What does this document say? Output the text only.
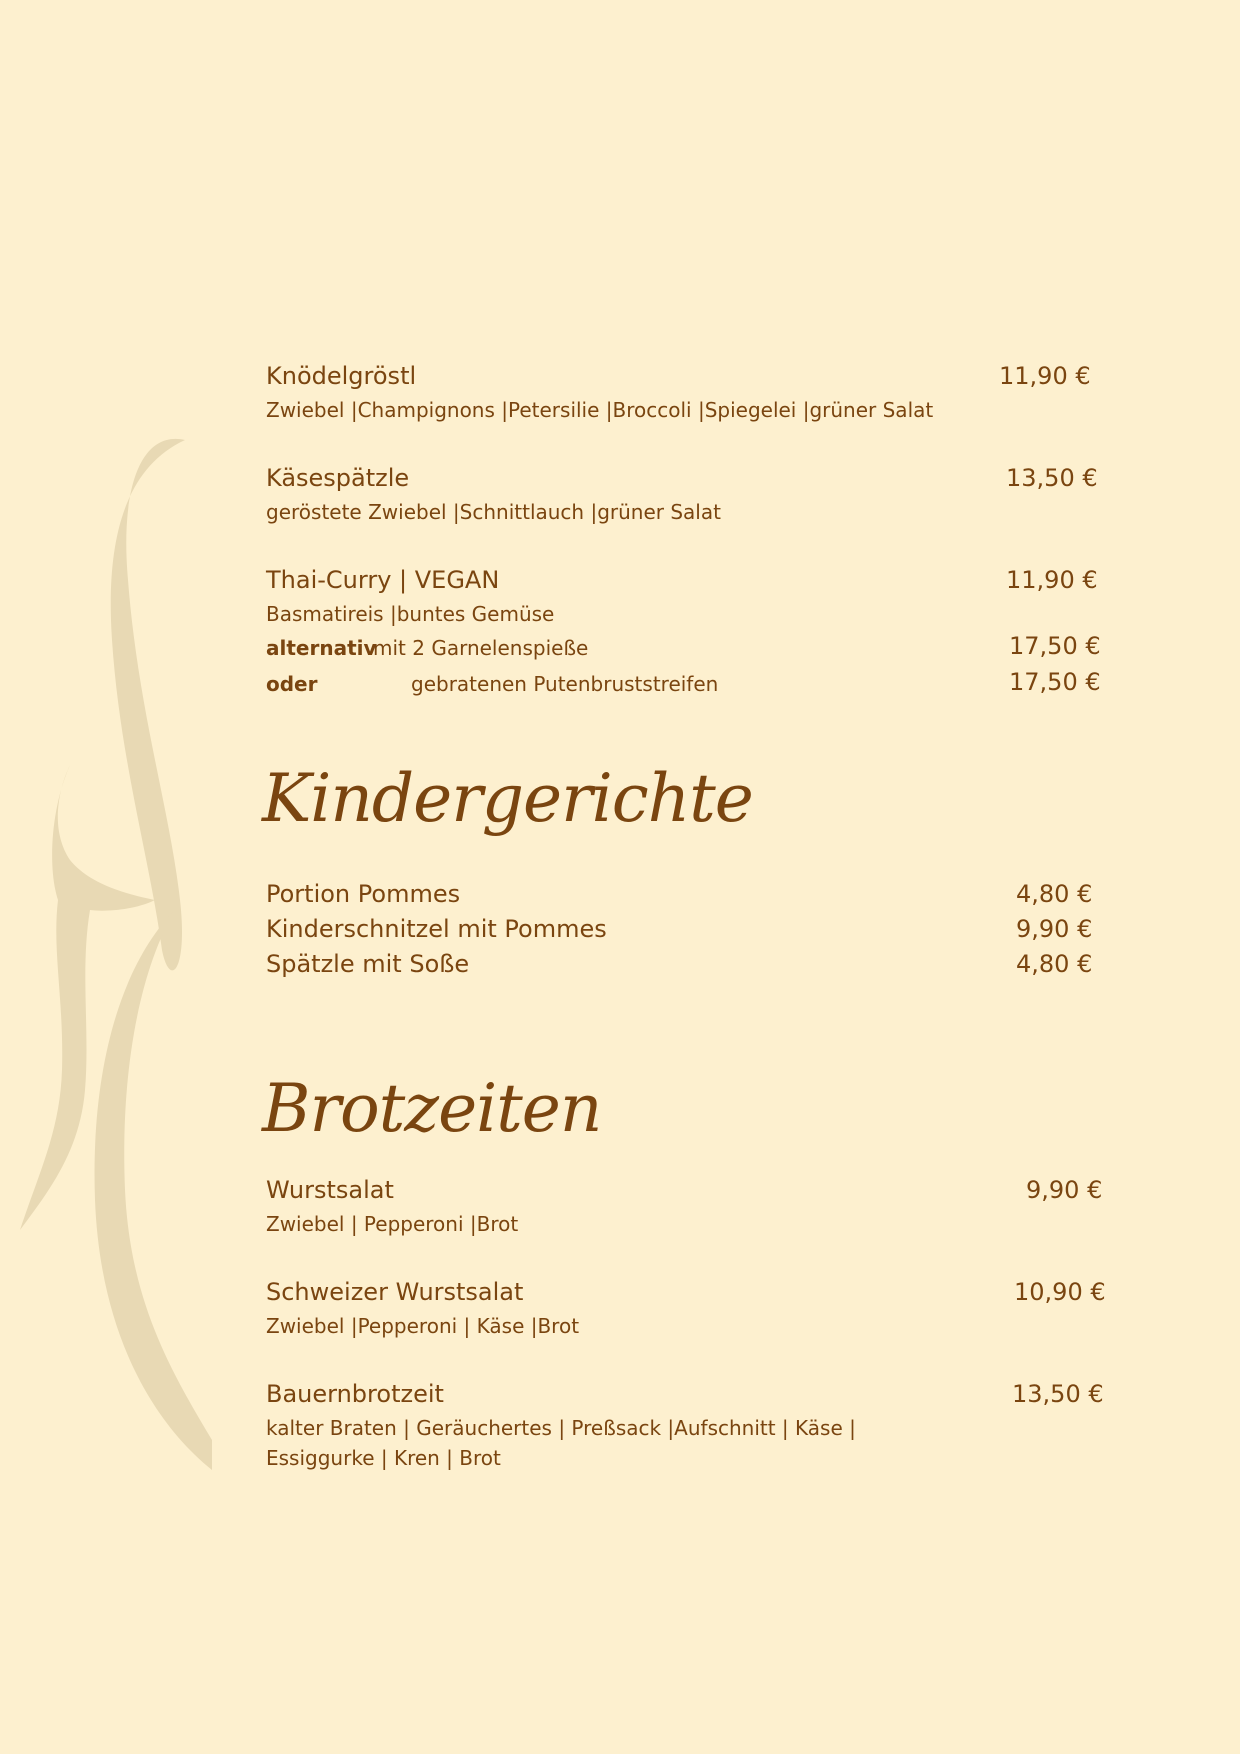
Knödelgröstl	11,90 €
Zwiebel |Champignons |Petersilie |Broccoli |Spiegelei |grüner Salat
Käsespätzle	13,50 €
geröstete Zwiebel |Schnittlauch |grüner Salat
Thai-Curry | VEGAN	11,90 €
Basmatireis |buntes Gemüse
alternativ
mit 2 Garnelenspieße	17,50 €
oder	gebratenen Putenbruststreifen	17,50 €
Kindergerichte
Portion Pommes	4,80 €
Kinderschnitzel mit Pommes	9,90 €
Spätzle mit Soße	4,80 €
Brotzeiten
Wurstsalat	9,90 €
Zwiebel | Pepperoni |Brot
Schweizer Wurstsalat	10,90 €
Zwiebel |Pepperoni | Käse |Brot
Bauernbrotzeit	13,50 €
kalter Braten | Geräuchertes | Preßsack |Aufschnitt | Käse |
Essiggurke | Kren | Brot
